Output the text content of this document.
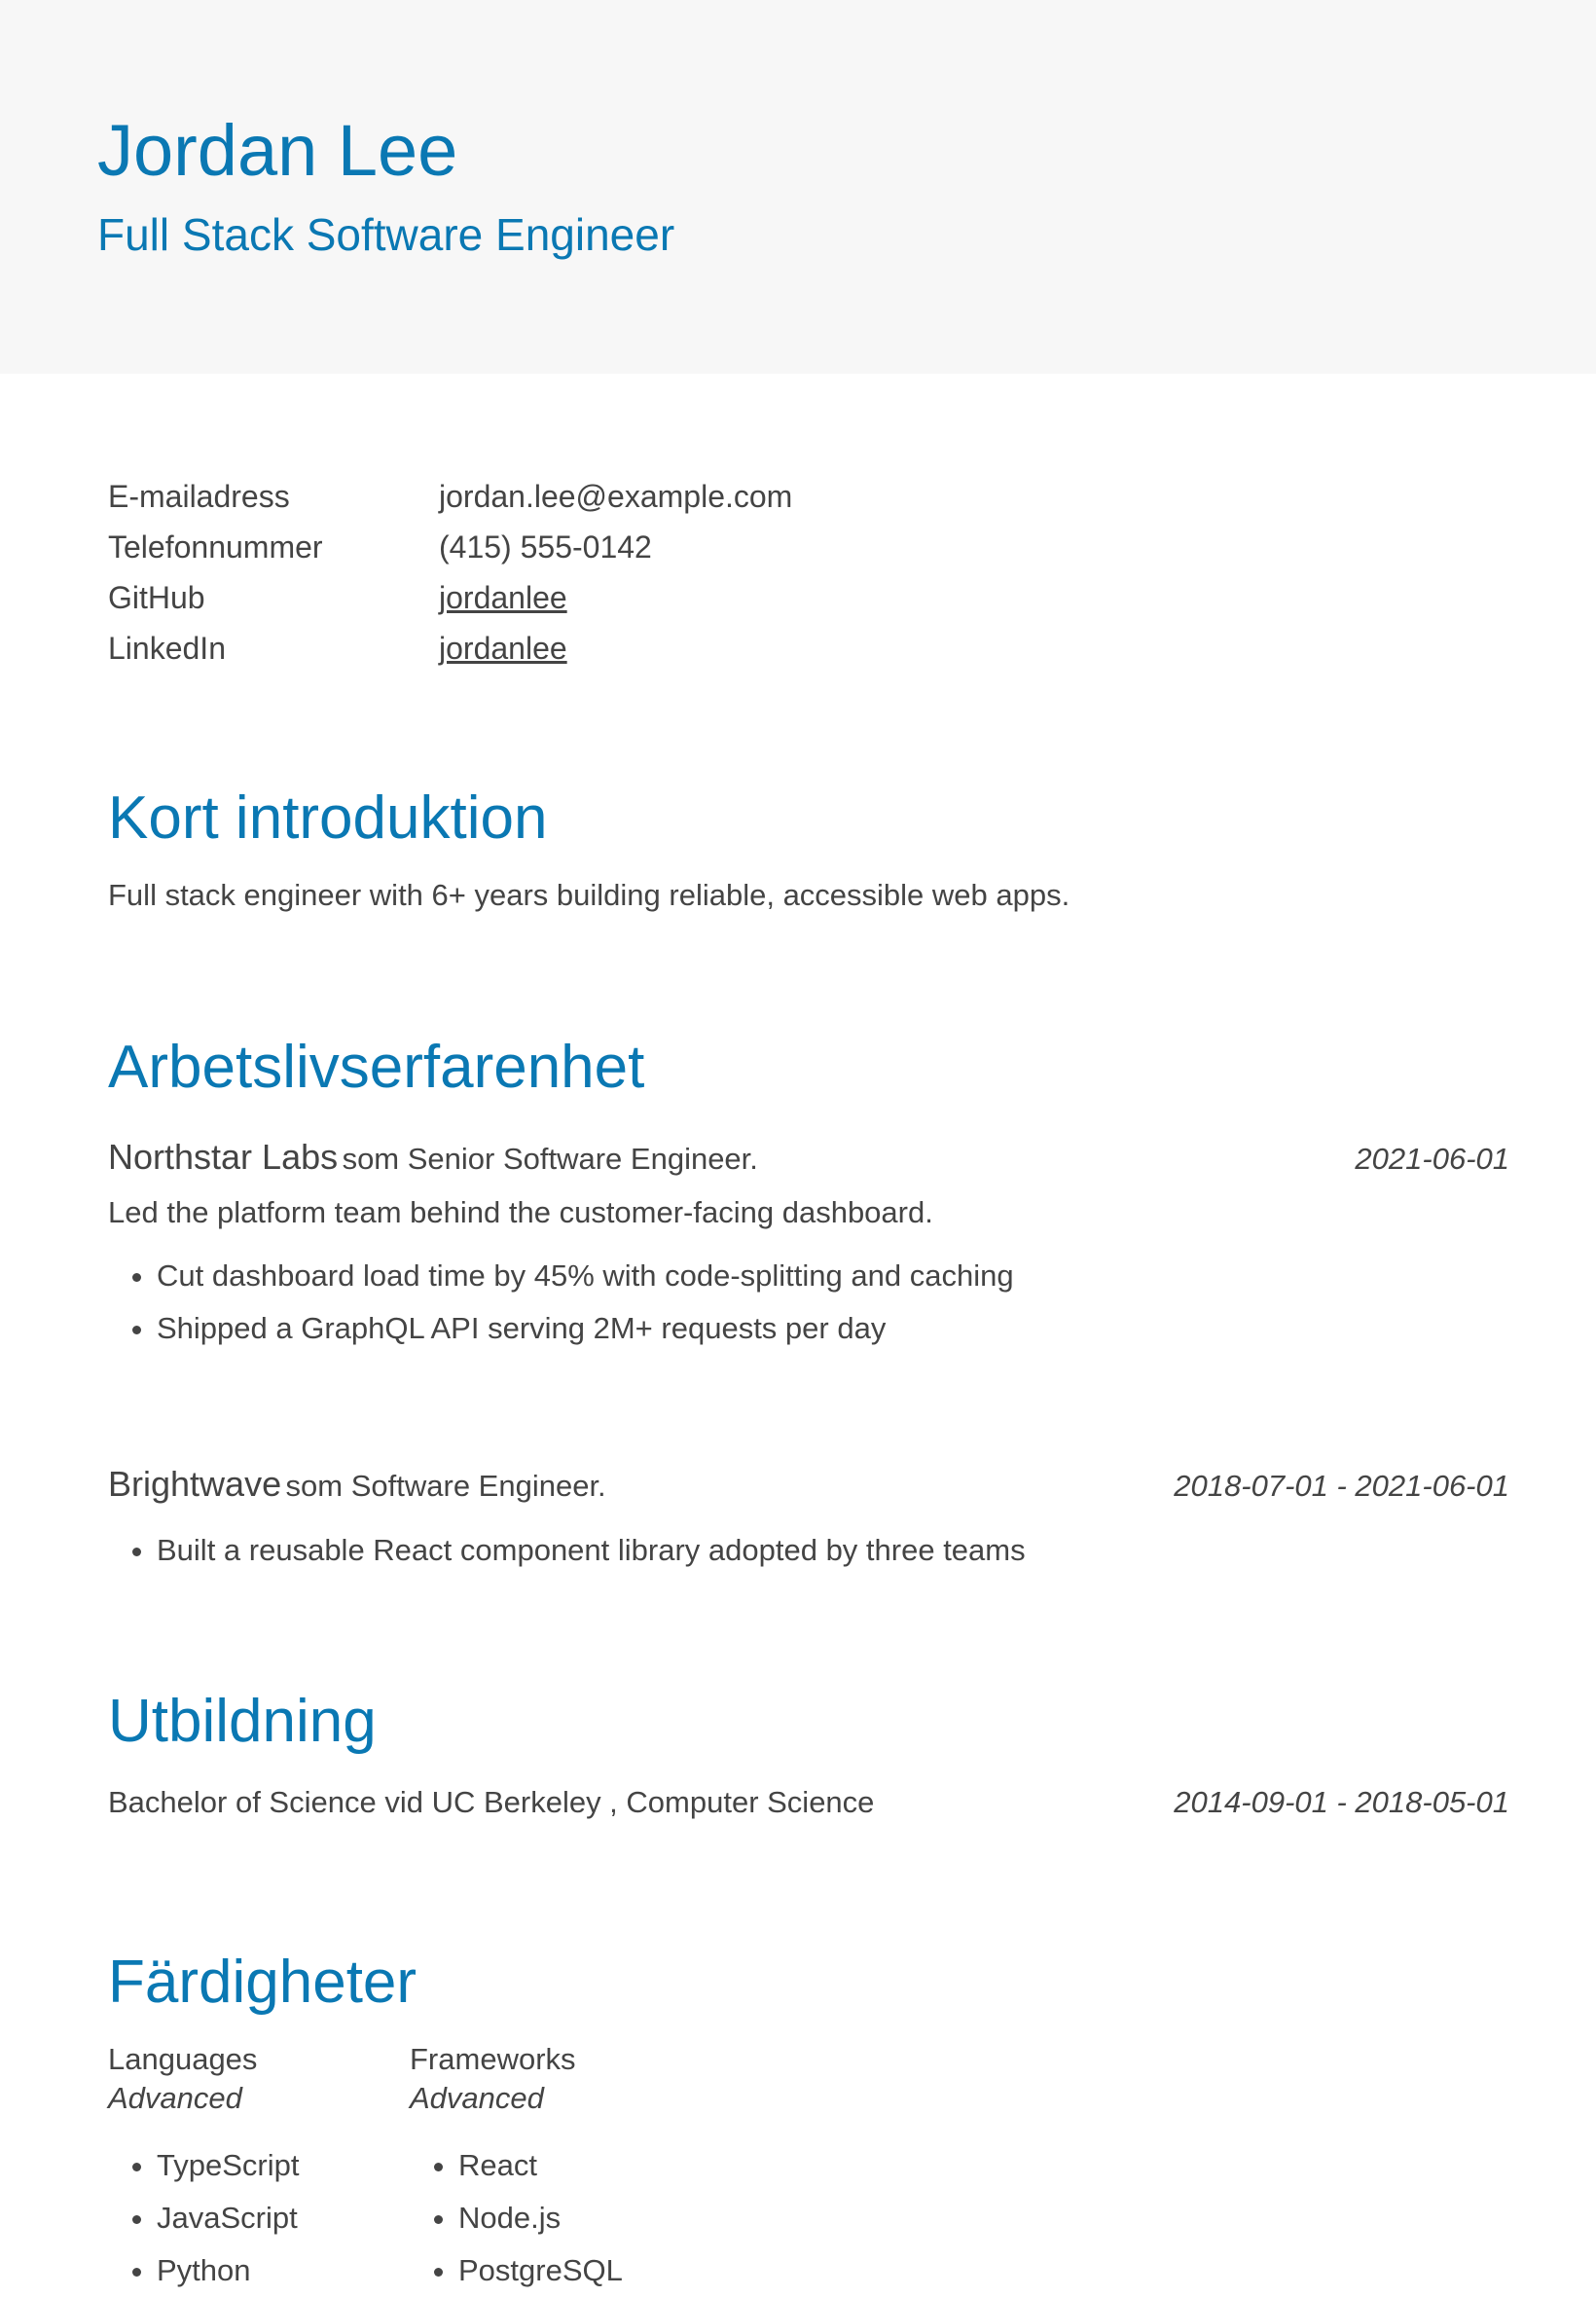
Jordan Lee
Full Stack Software Engineer
E-mailadress	jordan.lee@example.com
Telefonnummer	(415) 555-0142
GitHub	jordanlee
LinkedIn	jordanlee
Kort introduktion
Full stack engineer with 6+ years building reliable, accessible web apps.
Arbetslivserfarenhet
Northstar Labs som Senior Software Engineer.	2021-06-01
Led the platform team behind the customer-facing dashboard.
• Cut dashboard load time by 45% with code-splitting and caching
• Shipped a GraphQL API serving 2M+ requests per day
Brightwave som Software Engineer.	2018-07-01 - 2021-06-01
• Built a reusable React component library adopted by three teams
Utbildning
Bachelor of Science vid UC Berkeley , Computer Science	2014-09-01 - 2018-05-01
Färdigheter
Languages
Advanced
• TypeScript
• JavaScript
• Python
Frameworks
Advanced
• React
• Node.js
• PostgreSQL
